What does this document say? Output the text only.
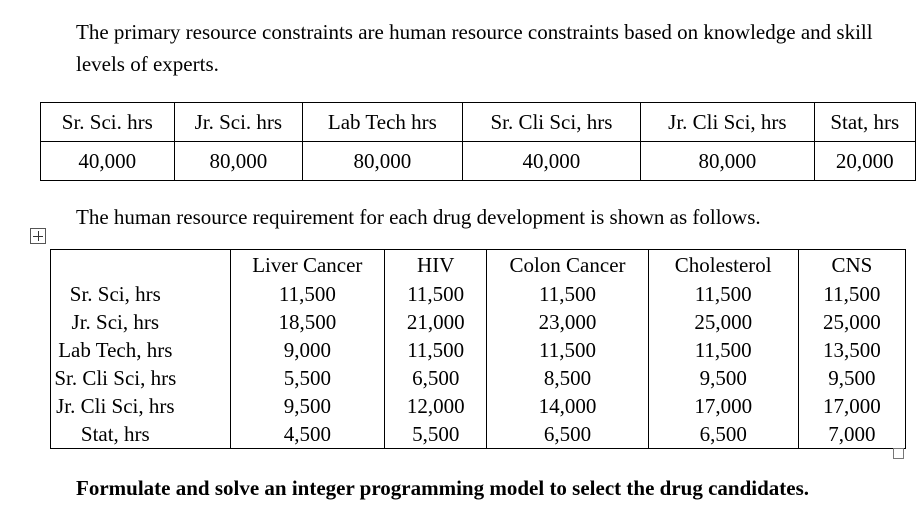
The primary resource constraints are human resource constraints based on knowledge and skill levels of experts.

Sr. Sci. hrs	Jr. Sci. hrs	Lab Tech hrs	Sr. Cli Sci, hrs	Jr. Cli Sci, hrs	Stat, hrs
40,000	80,000	80,000	40,000	80,000	20,000

The human resource requirement for each drug development is shown as follows.

	Liver Cancer	HIV	Colon Cancer	Cholesterol	CNS
Sr. Sci, hrs	11,500	11,500	11,500	11,500	11,500
Jr. Sci, hrs	18,500	21,000	23,000	25,000	25,000
Lab Tech, hrs	9,000	11,500	11,500	11,500	13,500
Sr. Cli Sci, hrs	5,500	6,500	8,500	9,500	9,500
Jr. Cli Sci, hrs	9,500	12,000	14,000	17,000	17,000
Stat, hrs	4,500	5,500	6,500	6,500	7,000

Formulate and solve an integer programming model to select the drug candidates.
